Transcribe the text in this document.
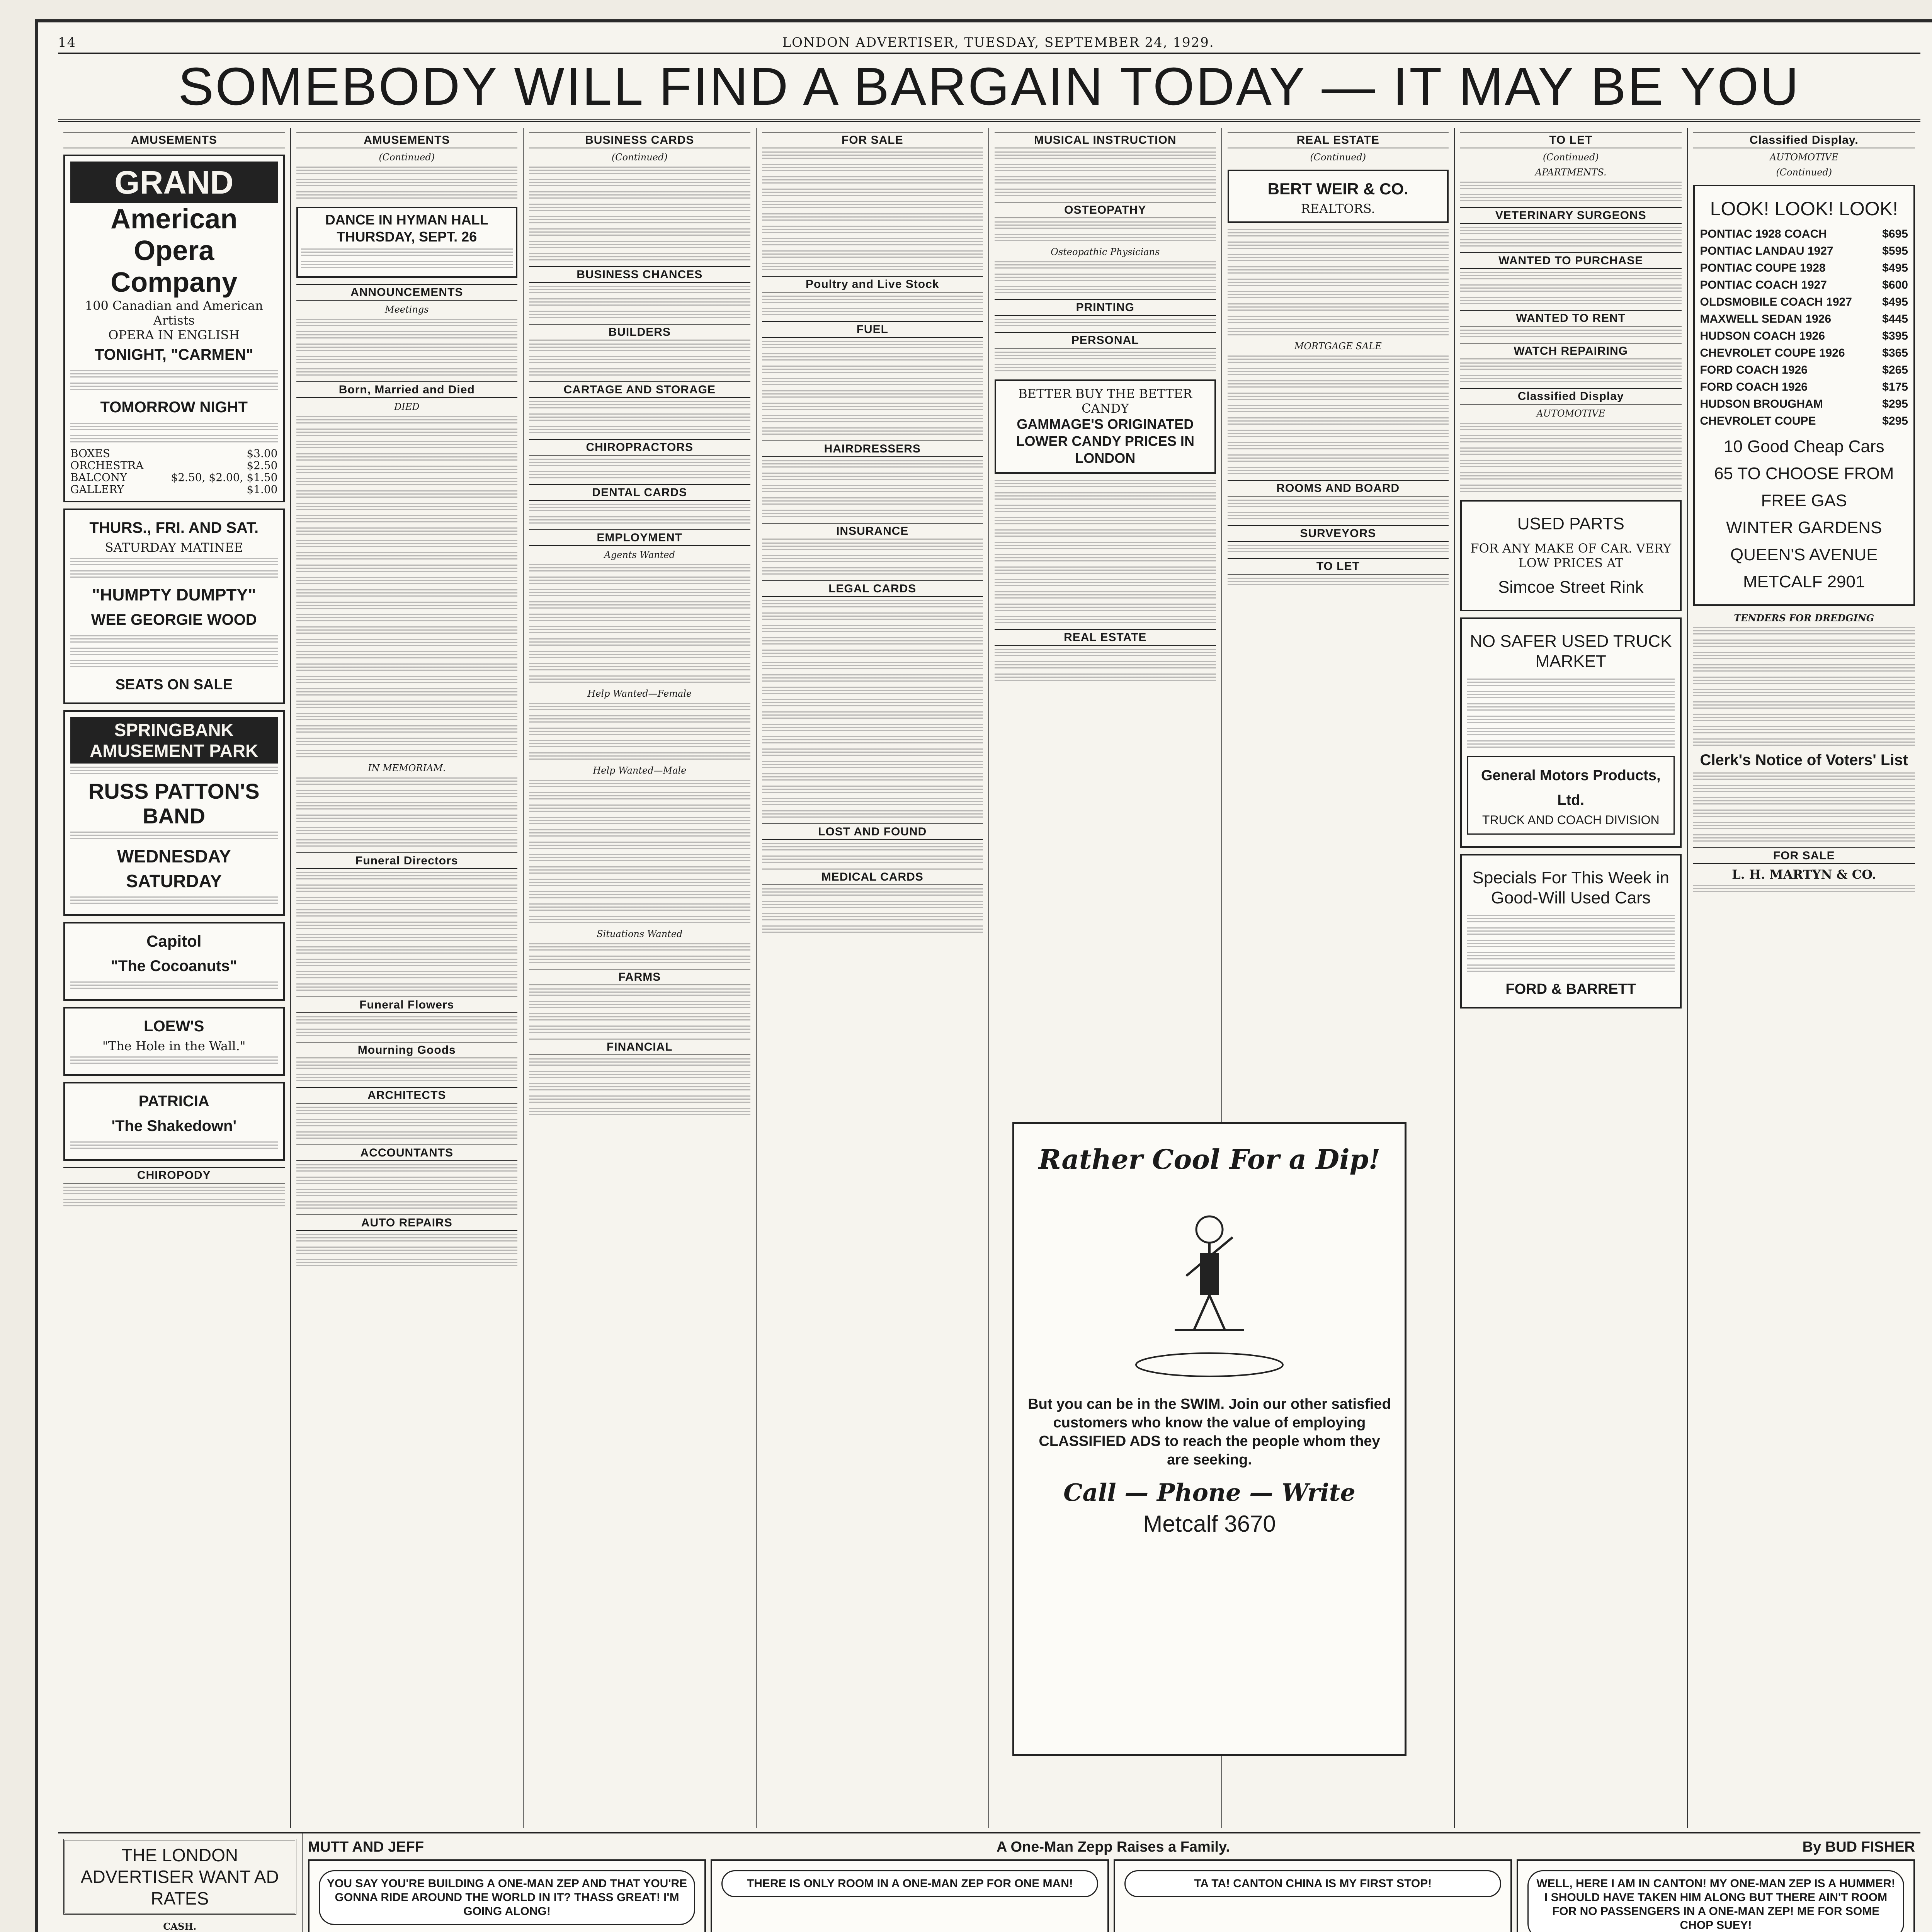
14	LONDON ADVERTISER, TUESDAY, SEPTEMBER 24, 1929.
SOMEBODY WILL FIND A BARGAIN TODAY — IT MAY BE YOU
AMUSEMENTS
GRAND
American Opera Company
100 Canadian and American Artists
OPERA IN ENGLISH
TONIGHT, "CARMEN"
TOMORROW NIGHT
BOXES	$3.00
ORCHESTRA	$2.50
BALCONY	$2.50, $2.00, $1.50
GALLERY	$1.00
THURS., FRI. AND SAT.
SATURDAY MATINEE
"HUMPTY DUMPTY"
WEE GEORGIE WOOD
SEATS ON SALE
SPRINGBANK AMUSEMENT PARK
RUSS PATTON'S BAND
WEDNESDAY
SATURDAY
Capitol
"The Cocoanuts"
LOEW'S
"The Hole in the Wall."
PATRICIA
'The Shakedown'
CHIROPODY
AMUSEMENTS
(Continued)
DANCE IN HYMAN HALL THURSDAY, SEPT. 26
ANNOUNCEMENTS
Meetings
Born, Married and Died
DIED
IN MEMORIAM.
Funeral Directors
Funeral Flowers
Mourning Goods
ARCHITECTS
ACCOUNTANTS
AUTO REPAIRS
BUSINESS CARDS
(Continued)
BUSINESS CHANCES
BUILDERS
CARTAGE AND STORAGE
CHIROPRACTORS
DENTAL CARDS
EMPLOYMENT
Agents Wanted
Help Wanted—Female
Help Wanted—Male
Situations Wanted
FARMS
FINANCIAL
FOR SALE
Poultry and Live Stock
FUEL
HAIRDRESSERS
INSURANCE
LEGAL CARDS
LOST AND FOUND
MEDICAL CARDS
MUSICAL INSTRUCTION
OSTEOPATHY
Osteopathic Physicians
PRINTING
PERSONAL
BETTER BUY THE BETTER CANDY
GAMMAGE'S ORIGINATED LOWER CANDY PRICES IN LONDON
REAL ESTATE
REAL ESTATE
(Continued)
BERT WEIR & CO.
REALTORS.
MORTGAGE SALE
ROOMS AND BOARD
SURVEYORS
TO LET
TO LET
(Continued)
APARTMENTS.
VETERINARY SURGEONS
WANTED TO PURCHASE
WANTED TO RENT
WATCH REPAIRING
Classified Display
AUTOMOTIVE
USED PARTS
FOR ANY MAKE OF CAR. VERY LOW PRICES AT
Simcoe Street Rink
NO SAFER USED TRUCK MARKET
General Motors Products, Ltd.
TRUCK AND COACH DIVISION
Specials For This Week in Good-Will Used Cars
FORD & BARRETT
Classified Display.
AUTOMOTIVE
(Continued)
LOOK! LOOK! LOOK!
PONTIAC 1928 COACH	$695
PONTIAC LANDAU 1927	$595
PONTIAC COUPE 1928	$495
PONTIAC COACH 1927	$600
OLDSMOBILE COACH 1927	$495
MAXWELL SEDAN 1926	$445
HUDSON COACH 1926	$395
CHEVROLET COUPE 1926	$365
FORD COACH 1926	$265
FORD COACH 1926	$175
HUDSON BROUGHAM	$295
CHEVROLET COUPE	$295
10 Good Cheap Cars
65 TO CHOOSE FROM
FREE GAS
WINTER GARDENS
QUEEN'S AVENUE
METCALF 2901
TENDERS FOR DREDGING
Clerk's Notice of Voters' List
FOR SALE
L. H. MARTYN & CO.
Rather Cool For a Dip!
But you can be in the SWIM. Join our other satisfied customers who know the value of employing CLASSIFIED ADS to reach the people whom they are seeking.
Call — Phone — Write
Metcalf 3670
THE LONDON ADVERTISER WANT AD RATES
CASH.
MUTT AND JEFF	A One-Man Zepp Raises a Family.	By BUD FISHER
YOU SAY YOU'RE BUILDING A ONE-MAN ZEP AND THAT YOU'RE GONNA RIDE AROUND THE WORLD IN IT? THASS GREAT! I'M GOING ALONG!
THERE IS ONLY ROOM IN A ONE-MAN ZEP FOR ONE MAN!	TA TA! CANTON CHINA IS MY FIRST STOP!	WELL, HERE I AM IN CANTON! MY ONE-MAN ZEP IS A HUMMER! I SHOULD HAVE TAKEN HIM ALONG BUT THERE AIN'T ROOM FOR NO PASSENGERS IN A ONE-MAN ZEP! ME FOR SOME CHOP SUEY!
